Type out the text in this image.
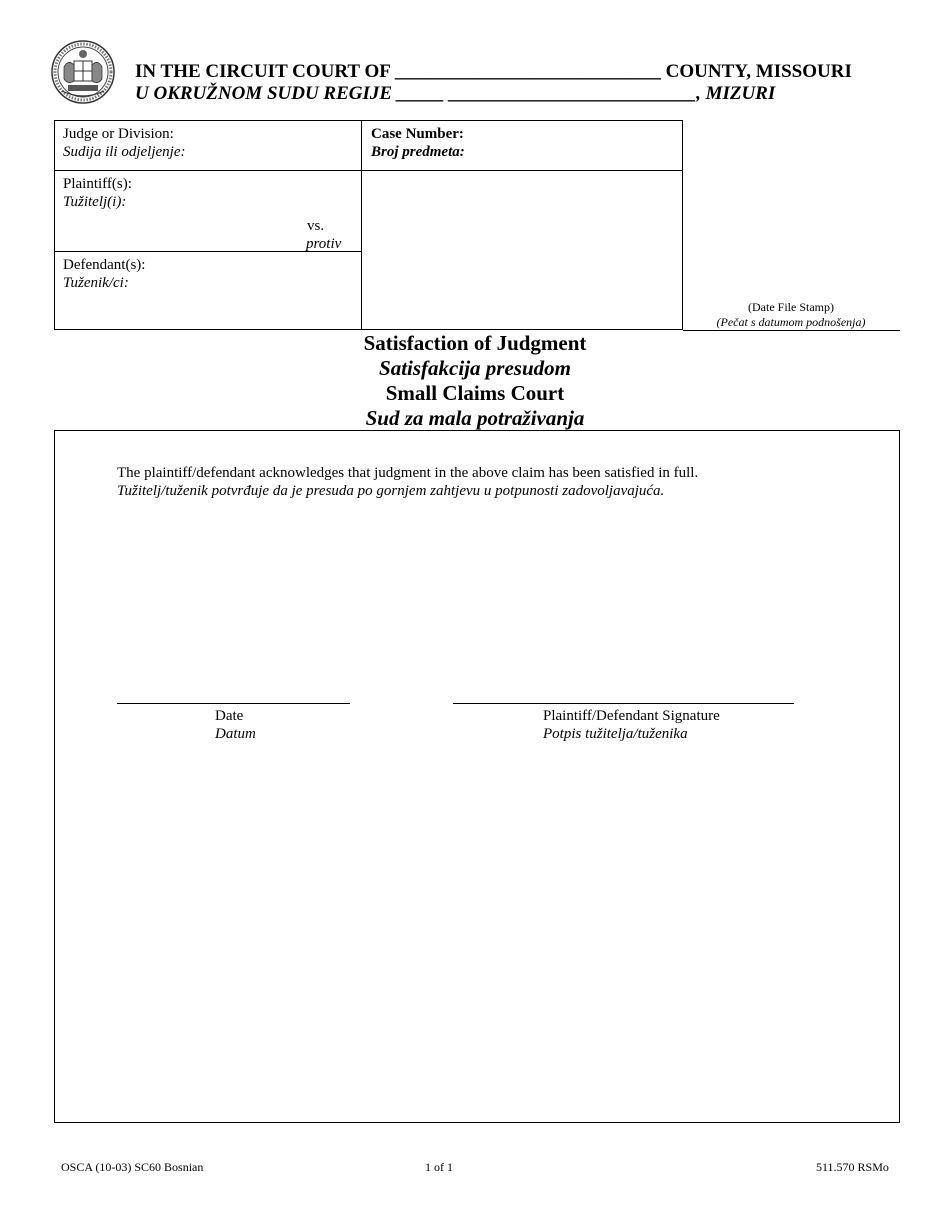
IN THE CIRCUIT COURT OF ____________________________ COUNTY, MISSOURI
U OKRUŽNOM SUDU REGIJE _____ __________________________, MIZURI
Judge or Division:
Sudija ili odjeljenje:
Case Number:
Broj predmeta:
Plaintiff(s):
Tužitelj(i):
vs.
protiv
Defendant(s):
Tuženik/ci:
(Date File Stamp)
(Pečat s datumom podnošenja)
Satisfaction of Judgment
Satisfakcija presudom
Small Claims Court
Sud za mala potraživanja
The plaintiff/defendant acknowledges that judgment in the above claim has been satisfied in full.
Tužitelj/tuženik potvrđuje da je presuda po gornjem zahtjevu u potpunosti zadovoljavajuća.
Date
Datum
Plaintiff/Defendant Signature
Potpis tužitelja/tuženika
OSCA (10-03) SC60 Bosnian	1 of 1	511.570 RSMo
